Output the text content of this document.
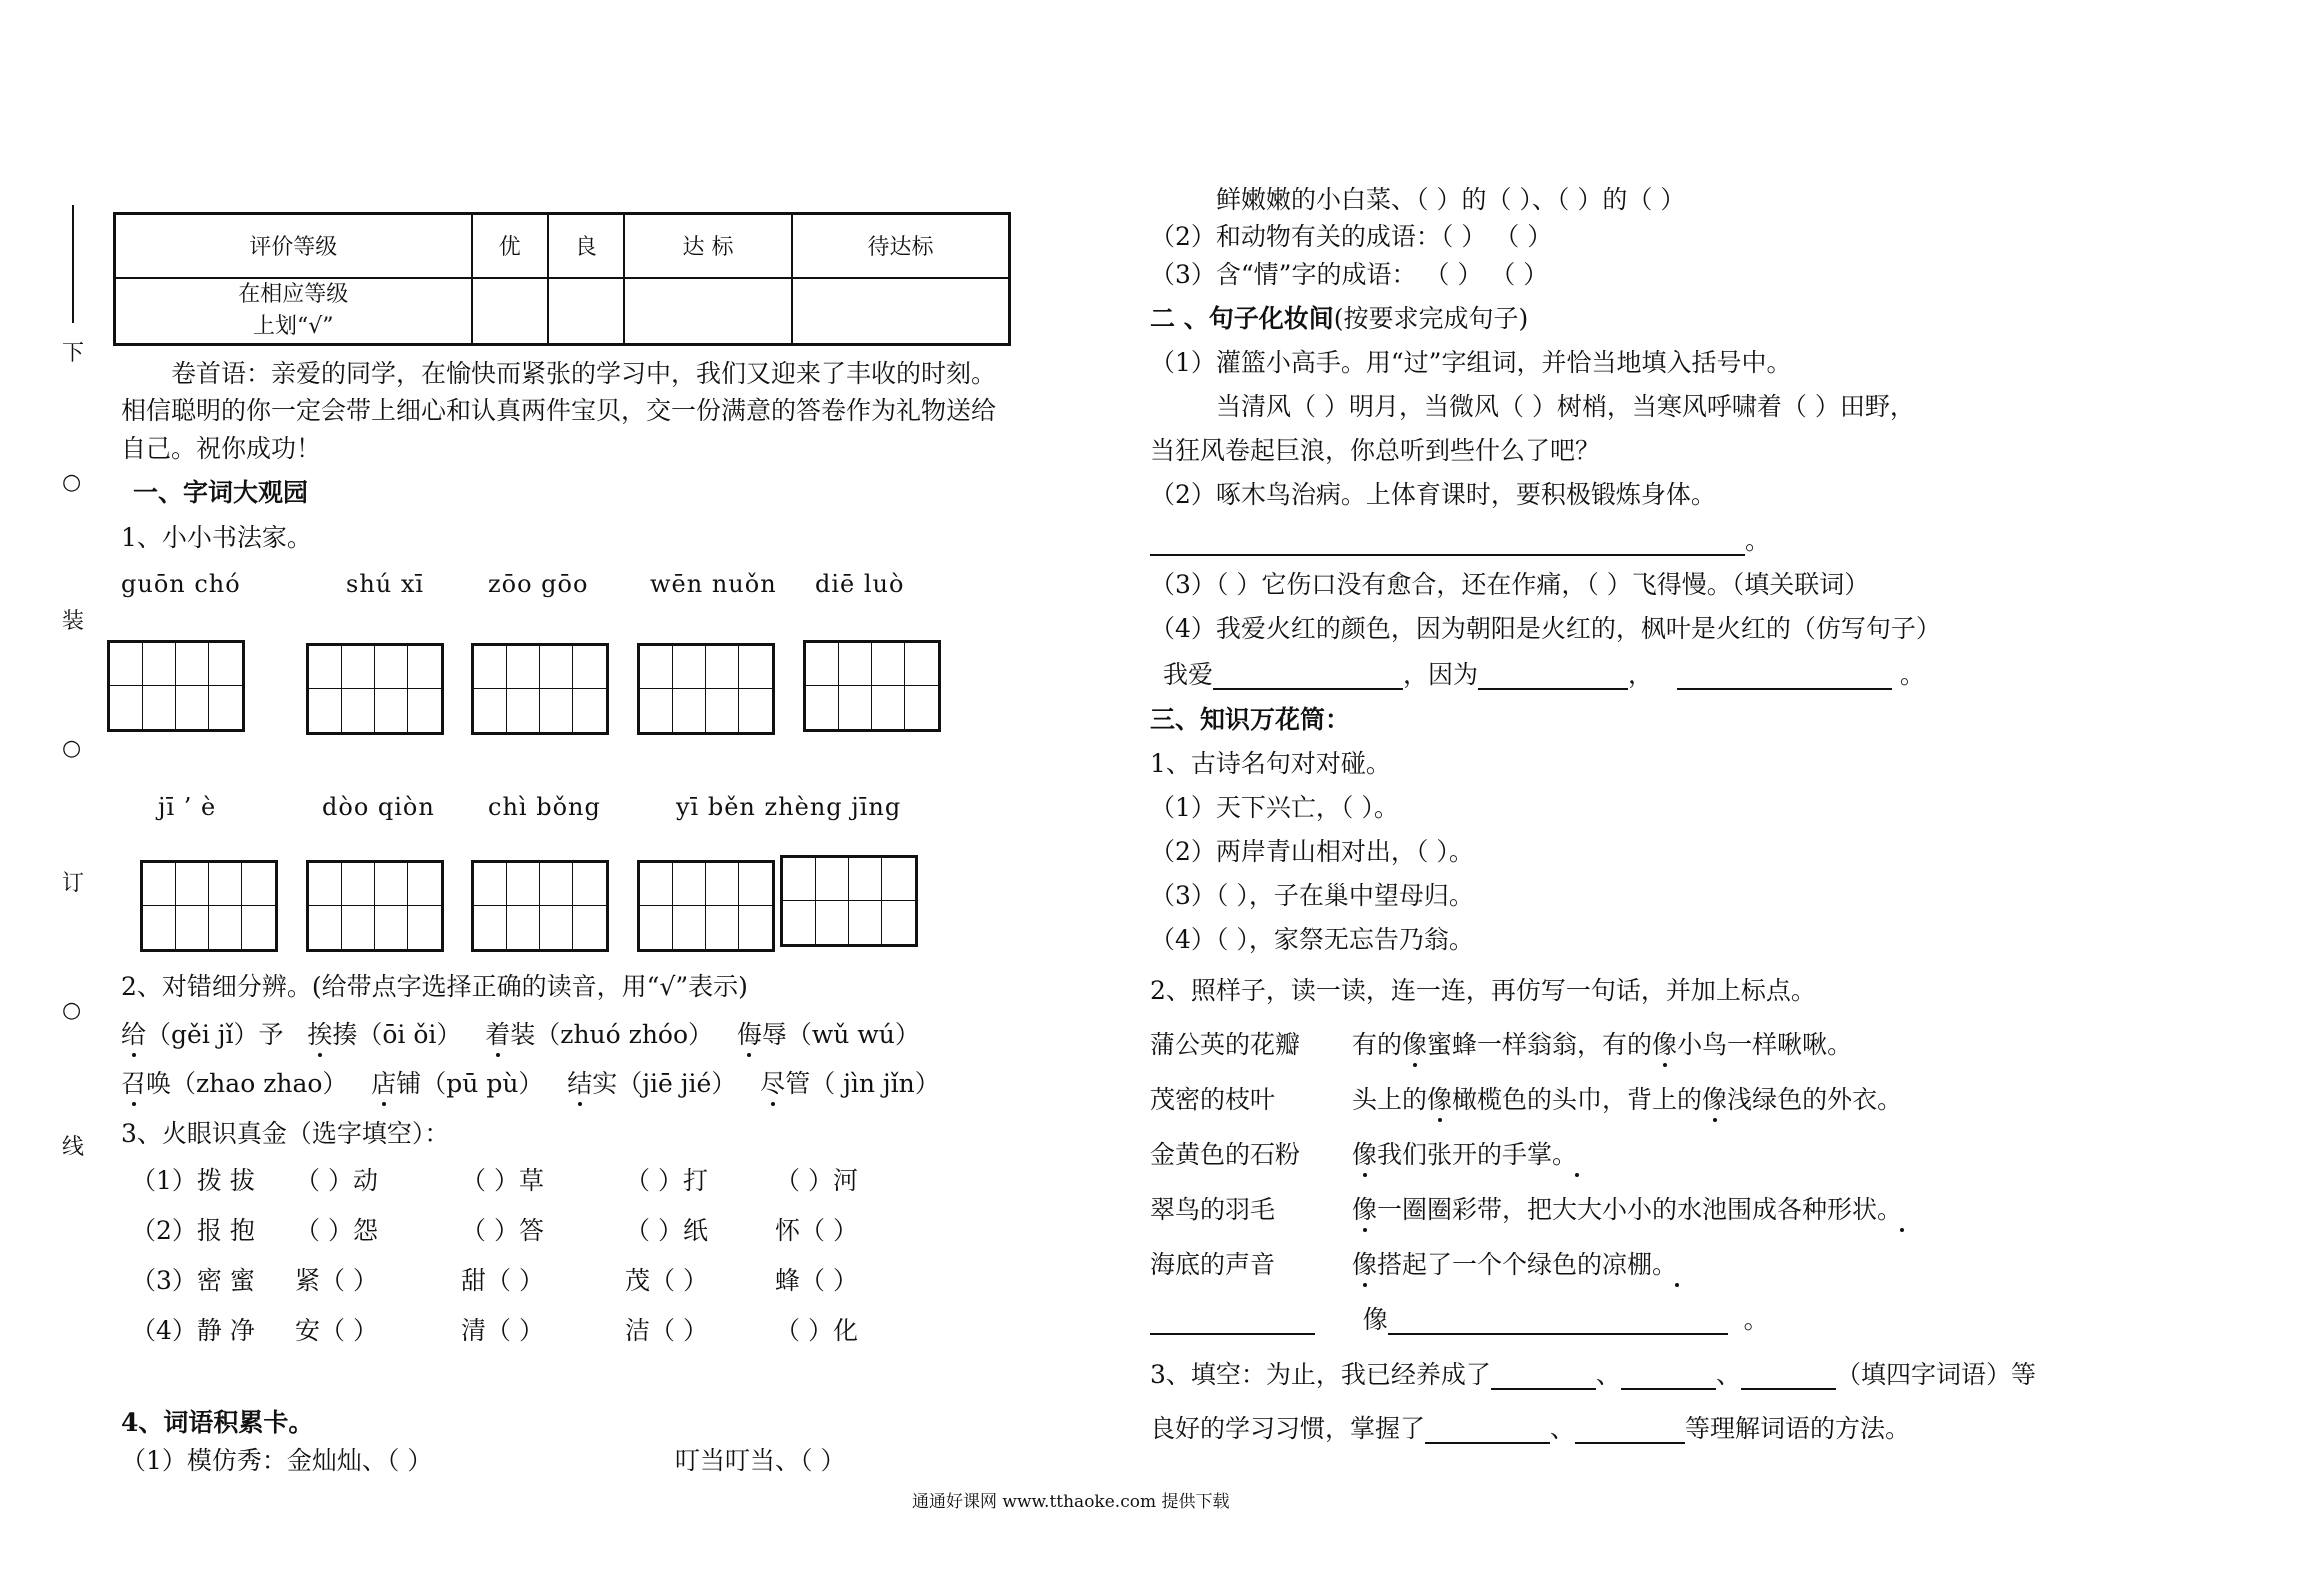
下
○
装
○
订
○
线
评价等级	优	良	达 标	待达标

在相应等级
上划“√”				

卷首语：亲爱的同学，在愉快而紧张的学习中，我们又迎来了丰收的时刻。
相信聪明的你一定会带上细心和认真两件宝贝，交一份满意的答卷作为礼物送给
自己。祝你成功！
一、字词大观园
1、小小书法家。
guōn chó	shú xī	zōo gōo	wēn nuǒn diē luò
jī ’ è	dòo qiòn chì bǒng	yī běn zhèng jīng
2、对错细分辨。(给带点字选择正确的读音，用“√”表示)
给（gěi jǐ）予 挨揍（ōi ǒi） 着装（zhuó zhóo） 侮辱（wǔ wú）
召唤（zhao zhao） 店铺（pū pù） 结实（jiē jié） 尽管（ jìn jǐn）
3、火眼识真金（选字填空）：
（1）拨 拔 （ ）动	（ ）草	（ ）打	（ ）河
（2）报 抱 （ ）怨	（ ）答	（ ）纸	怀（ ）
（3）密 蜜 紧（ ）	甜（ ）	茂（ ）	蜂（ ）
（4）静 净 安（ ）	清（ ）	洁（ ）	（ ）化
4、词语积累卡。
（1）模仿秀：金灿灿、（ ）	叮当叮当、（ ）
鲜嫩嫩的小白菜、（ ）的（ ）、（ ）的（ ）
（2）和动物有关的成语：（ ） （ ）
（3）含“情”字的成语： （ ） （ ）
二 、句子化妆间(按要求完成句子)
（1）灌篮小高手。用“过”字组词，并恰当地填入括号中。
当清风（ ）明月，当微风（ ）树梢，当寒风呼啸着（ ）田野，
当狂风卷起巨浪，你总听到些什么了吧？
（2）啄木鸟治病。上体育课时，要积极锻炼身体。
。
（3）（ ）它伤口没有愈合，还在作痛，（ ）飞得慢。（填关联词）
（4）我爱火红的颜色，因为朝阳是火红的，枫叶是火红的（仿写句子）
我爱	，因为	，	。
三、知识万花筒：
1、古诗名句对对碰。
（1）天下兴亡，（ ）。
（2）两岸青山相对出，（ ）。
（3）（ ），子在巢中望母归。
（4）（ ），家祭无忘告乃翁。
2、照样子，读一读，连一连，再仿写一句话，并加上标点。
蒲公英的花瓣 有的像蜜蜂一样翁翁，有的像小鸟一样啾啾。
茂密的枝叶	头上的像橄榄色的头巾，背上的像浅绿色的外衣。
金黄色的石粉 像我们张开的手掌。
翠鸟的羽毛	像一圈圈彩带，把大大小小的水池围成各种形状。
海底的声音	像搭起了一个个绿色的凉棚。
像	。
3、填空：为止，我已经养成了	、	、	（填四字词语）等
良好的学习习惯，掌握了	、	等理解词语的方法。
通通好课网 www.tthaoke.com 提供下载
